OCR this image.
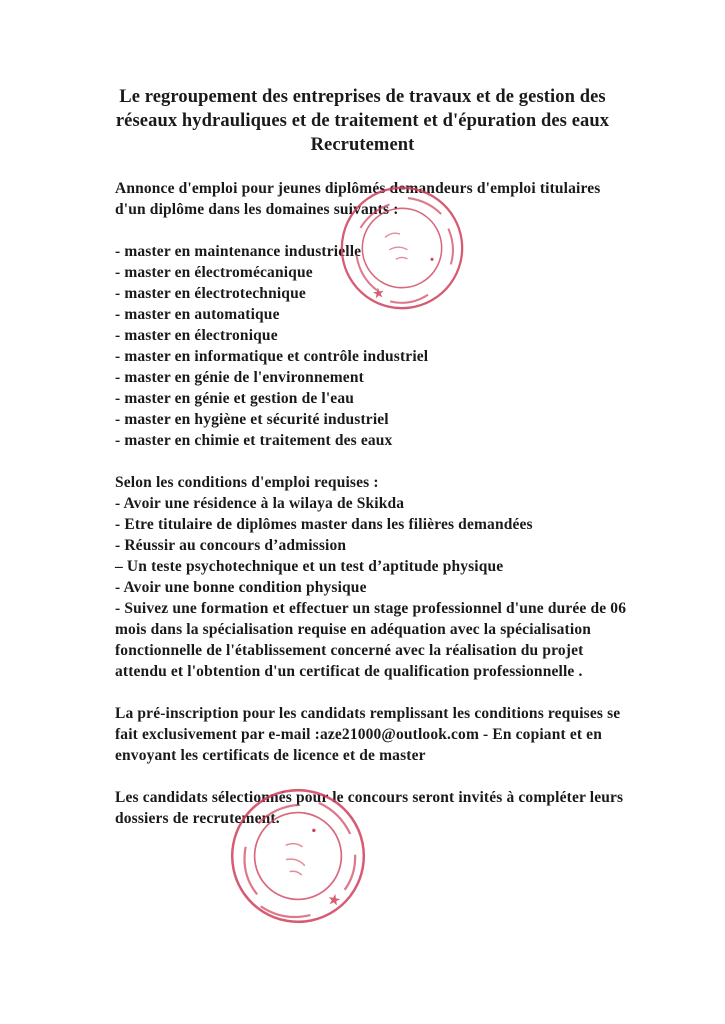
Le regroupement des entreprises de travaux et de gestion des
réseaux hydrauliques et de traitement et d'épuration des eaux
Recrutement
Annonce d'emploi pour jeunes diplômés demandeurs d'emploi titulaires
d'un diplôme dans les domaines suivants :
- master en maintenance industrielle
- master en électromécanique
- master en électrotechnique
- master en automatique
- master en électronique
- master en informatique et contrôle industriel
- master en génie de l'environnement
- master en génie et gestion de l'eau
- master en hygiène et sécurité industriel
- master en chimie et traitement des eaux
Selon les conditions d'emploi requises :
- Avoir une résidence à la wilaya de Skikda
- Etre titulaire de diplômes master dans les filières demandées
- Réussir au concours d’admission
– Un teste psychotechnique et un test d’aptitude physique
- Avoir une bonne condition physique
- Suivez une formation et effectuer un stage professionnel d'une durée de 06
mois dans la spécialisation requise en adéquation avec la spécialisation
fonctionnelle de l'établissement concerné avec la réalisation du projet
attendu et l'obtention d'un certificat de qualification professionnelle .
La pré-inscription pour les candidats remplissant les conditions requises se
fait exclusivement par e-mail :aze21000@outlook.com - En copiant et en
envoyant les certificats de licence et de master
Les candidats sélectionnés pour le concours seront invités à compléter leurs
dossiers de recrutement.
★
★
